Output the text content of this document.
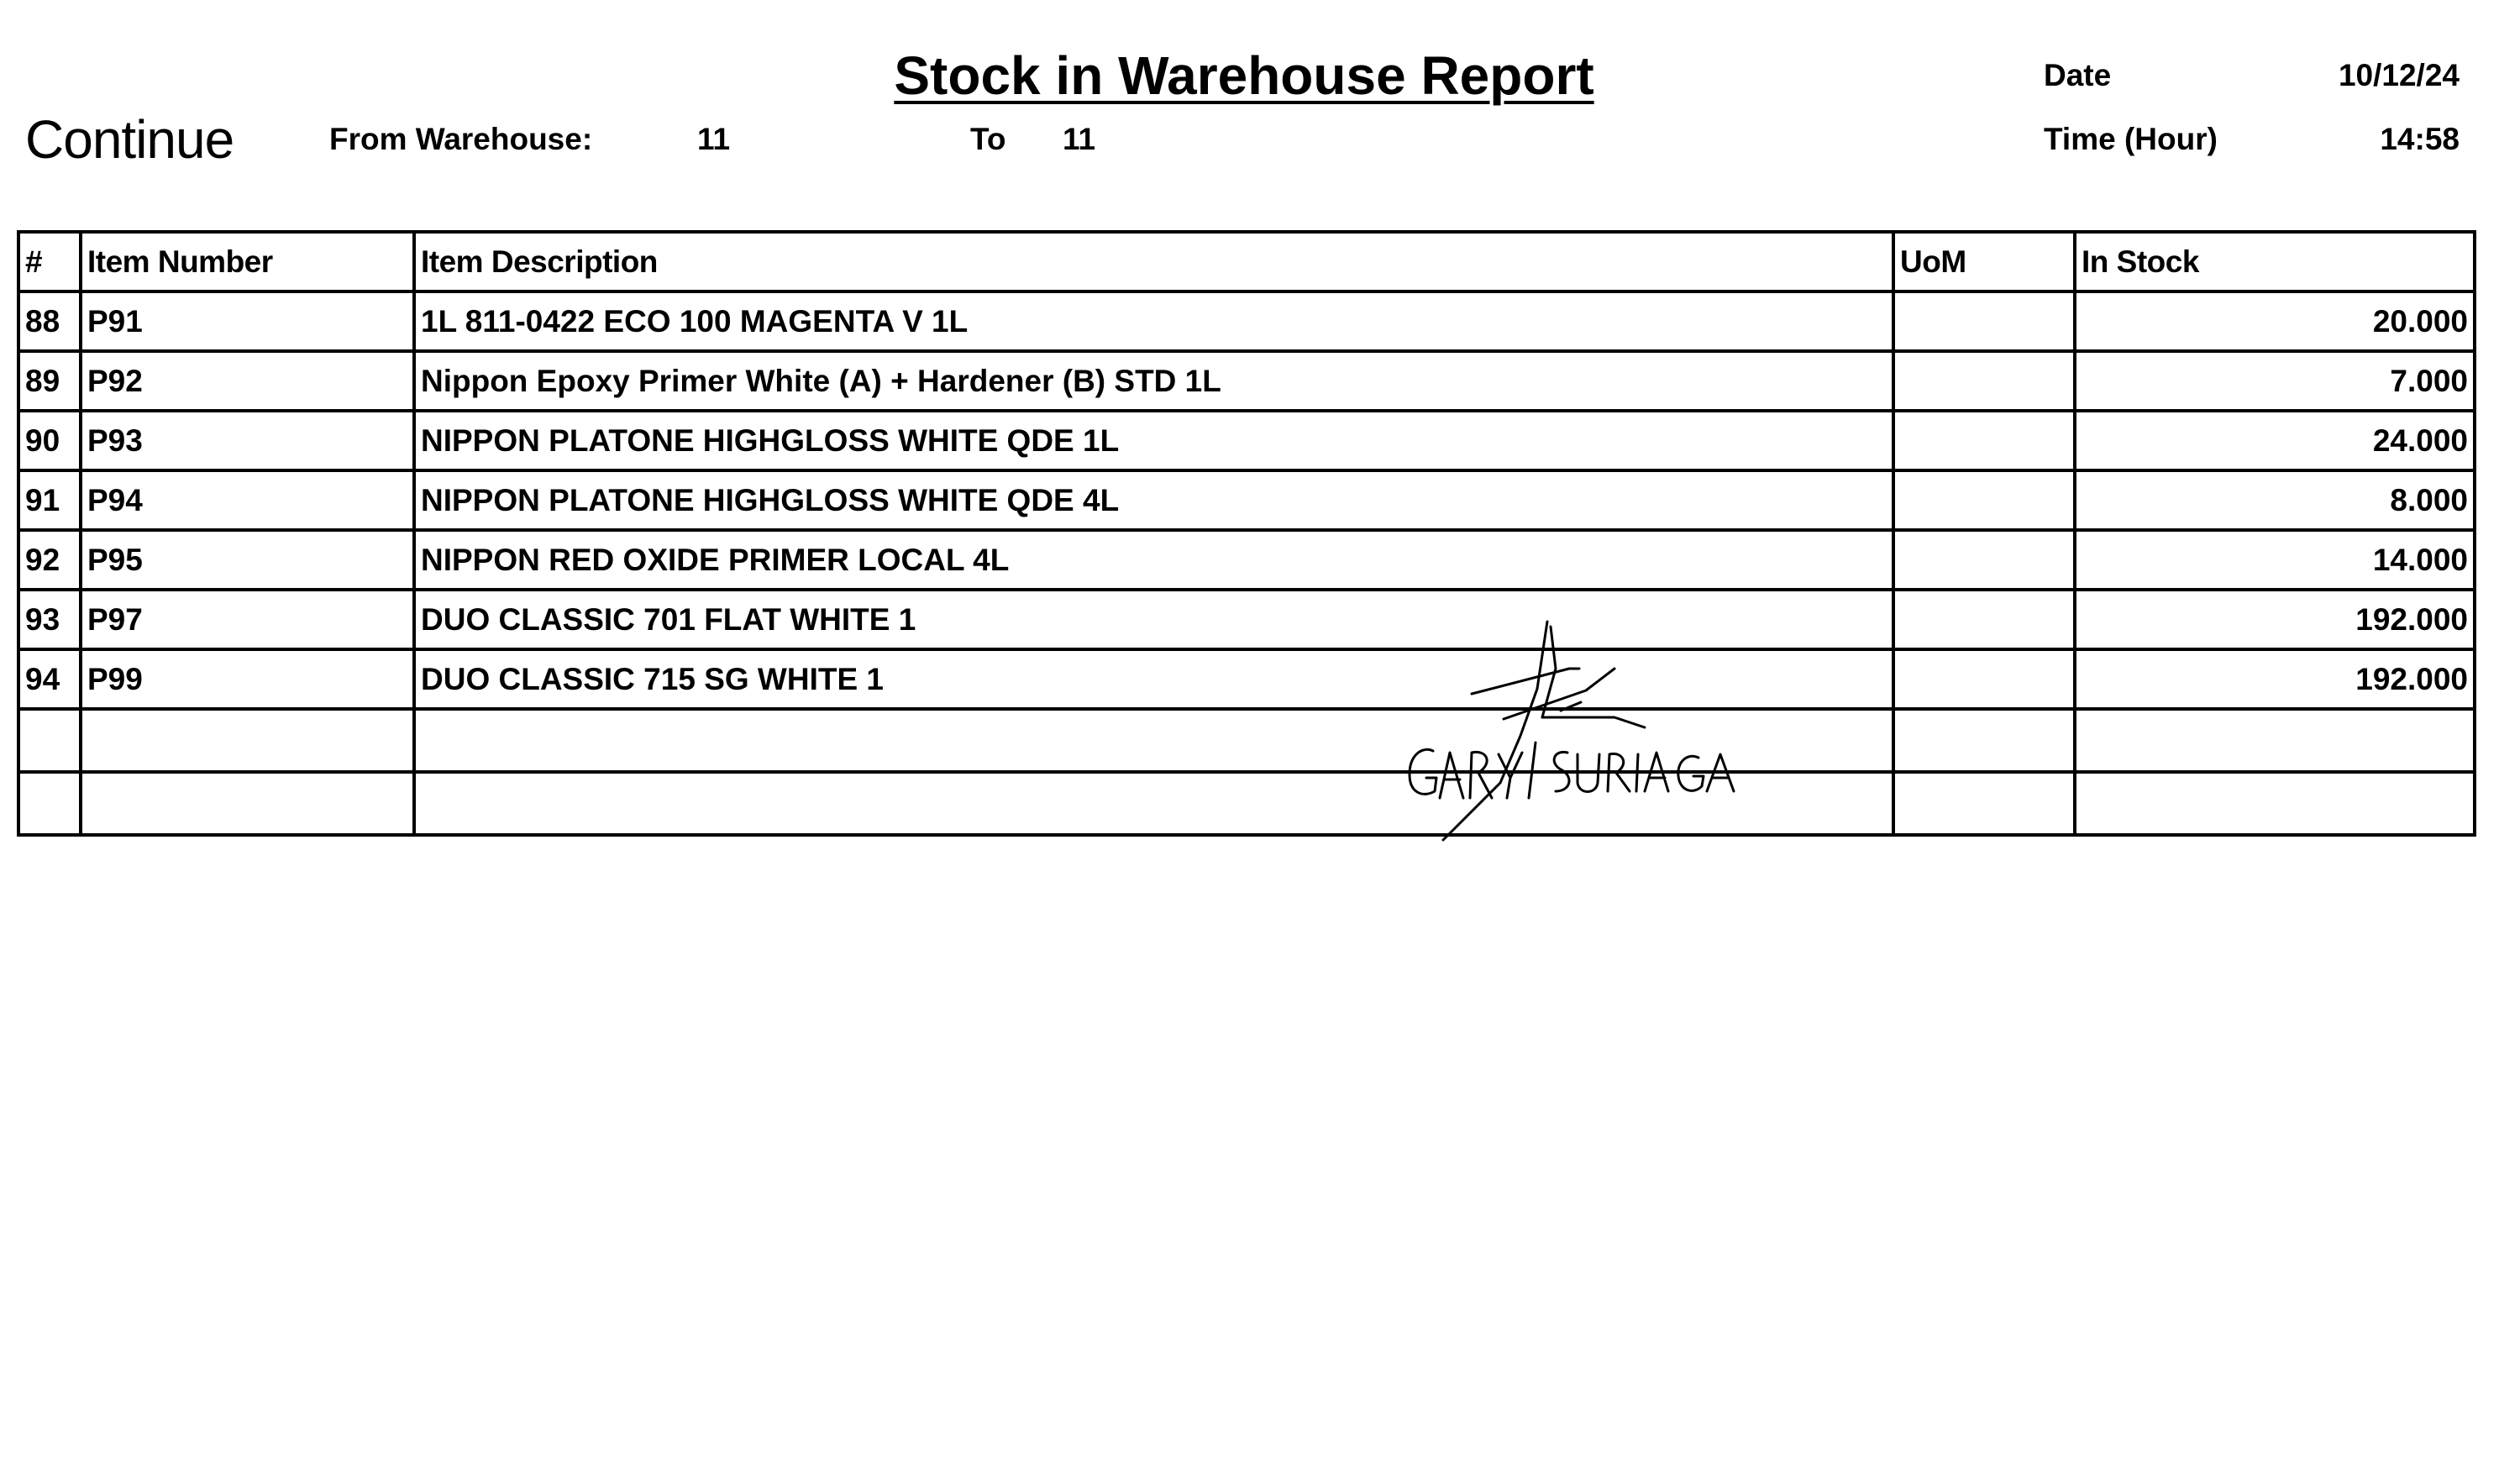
Stock in Warehouse Report
Continue	From Warehouse:	11	To 11
Date	10/12/24
Time (Hour)	14:58
#	Item Number	Item Description	UoM	In Stock
88	P91	1L 811-0422 ECO 100 MAGENTA V 1L		20.000
89	P92	Nippon Epoxy Primer White (A) + Hardener (B) STD 1L		7.000
90	P93	NIPPON PLATONE HIGHGLOSS WHITE QDE 1L		24.000
91	P94	NIPPON PLATONE HIGHGLOSS WHITE QDE 4L		8.000
92	P95	NIPPON RED OXIDE PRIMER LOCAL 4L		14.000
93	P97	DUO CLASSIC 701 FLAT WHITE 1		192.000
94	P99	DUO CLASSIC 715 SG WHITE 1		192.000
